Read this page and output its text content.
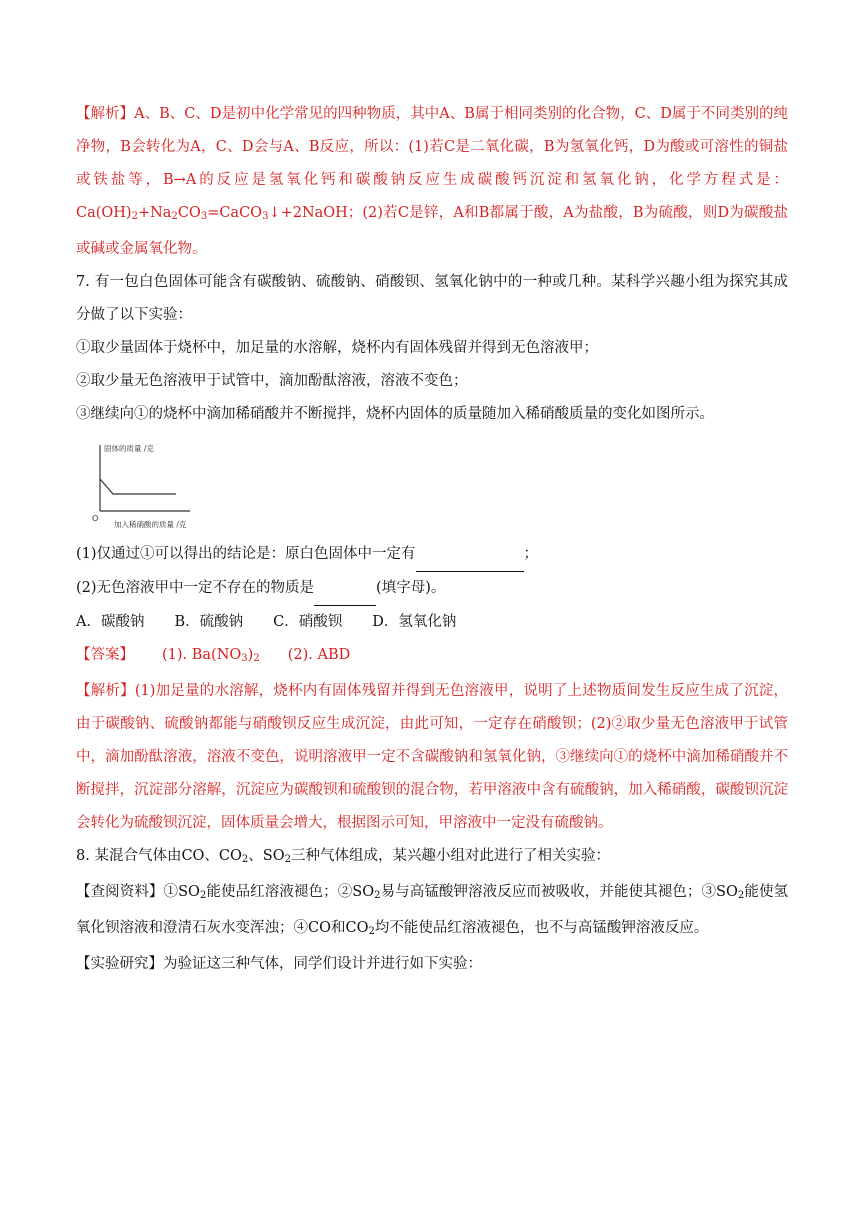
【解析】A、B、C、D是初中化学常见的四种物质，其中A、B属于相同类别的化合物，C、D属于不同类别的纯净物，B会转化为A，C、D会与A、B反应，所以：(1)若C是二氧化碳，B为氢氧化钙，D为酸或可溶性的铜盐或铁盐等，B→A的反应是氢氧化钙和碳酸钠反应生成碳酸钙沉淀和氢氧化钠，化学方程式是：$Ca(OH)_2+Na_2CO_3=CaCO_3↓+2NaOH$；(2)若C是锌，A和B都属于酸，A为盐酸，B为硫酸，则D为碳酸盐或碱或金属氧化物。

7. 有一包白色固体可能含有碳酸钠、硫酸钠、硝酸钡、氢氧化钠中的一种或几种。某科学兴趣小组为探究其成分做了以下实验：

①取少量固体于烧杯中，加足量的水溶解，烧杯内有固体残留并得到无色溶液甲；

②取少量无色溶液甲于试管中，滴加酚酞溶液，溶液不变色；

③继续向①的烧杯中滴加稀硝酸并不断搅拌，烧杯内固体的质量随加入稀硝酸质量的变化如图所示。

固体的质量 /克
O
加入稀硝酸的质量 /克

(1)仅通过①可以得出的结论是：原白色固体中一定有	；

(2)无色溶液甲中一定不存在的物质是	(填字母)。

A．碳酸钠 B．硫酸钠 C．硝酸钡 D．氢氧化钠

【答案】 (1). $Ba(NO_3)_2$ (2). ABD

【解析】(1)加足量的水溶解，烧杯内有固体残留并得到无色溶液甲，说明了上述物质间发生反应生成了沉淀，由于碳酸钠、硫酸钠都能与硝酸钡反应生成沉淀，由此可知，一定存在硝酸钡；(2)②取少量无色溶液甲于试管中，滴加酚酞溶液，溶液不变色，说明溶液甲一定不含碳酸钠和氢氧化钠，③继续向①的烧杯中滴加稀硝酸并不断搅拌，沉淀部分溶解，沉淀应为碳酸钡和硫酸钡的混合物，若甲溶液中含有硫酸钠，加入稀硝酸，碳酸钡沉淀会转化为硫酸钡沉淀，固体质量会增大，根据图示可知，甲溶液中一定没有硫酸钠。

8. 某混合气体由CO、$CO_2$、$SO_2$三种气体组成，某兴趣小组对此进行了相关实验：

【查阅资料】$①SO_2$能使品红溶液褪色；$②SO_2$易与高锰酸钾溶液反应而被吸收，并能使其褪色；$③SO_2$能使氢氧化钡溶液和澄清石灰水变浑浊；④CO和$CO_2$均不能使品红溶液褪色，也不与高锰酸钾溶液反应。

【实验研究】为验证这三种气体，同学们设计并进行如下实验：
